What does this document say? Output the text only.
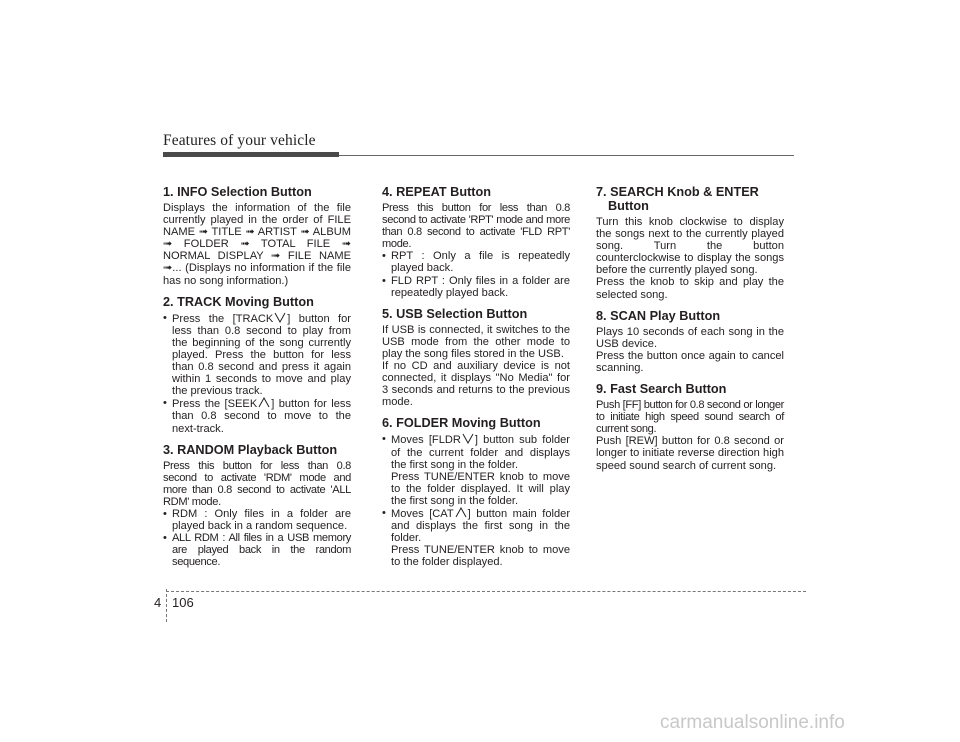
Features of your vehicle
1. INFO Selection Button

Displays the information of the file currently played in the order of FILE NAME ➟ TITLE ➟ ARTIST ➟ ALBUM ➟ FOLDER ➟ TOTAL FILE ➟ NORMAL DISPLAY ➟ FILE NAME ➟... (Displays no information if the file has no song information.)

2. TRACK Moving Button
• Press the [TRACK ] button for less than 0.8 second to play from the beginning of the song currently played. Press the button for less than 0.8 second and press it again within 1 seconds to move and play the previous track.
• Press the [SEEK ] button for less than 0.8 second to move to the next-track.
3. RANDOM Playback Button

Press this button for less than 0.8 second to activate 'RDM' mode and more than 0.8 second to activate 'ALL RDM' mode.

• RDM : Only files in a folder are played back in a random sequence.
• ALL RDM : All files in a USB memory are played back in the random sequence.
4. REPEAT Button

Press this button for less than 0.8 second to activate 'RPT' mode and more than 0.8 second to activate 'FLD RPT' mode.

• RPT : Only a file is repeatedly played back.
• FLD RPT : Only files in a folder are repeatedly played back.
5. USB Selection Button

If USB is connected, it switches to the USB mode from the other mode to play the song files stored in the USB.

If no CD and auxiliary device is not connected, it displays "No Media" for 3 seconds and returns to the previous mode.

6. FOLDER Moving Button
• Moves [FLDR ] button sub folder of the current folder and displays the first song in the folder.

Press TUNE/ENTER knob to move to the folder displayed. It will play the first song in the folder.

• Moves [CAT ] button main folder and displays the first song in the folder.

Press TUNE/ENTER knob to move to the folder displayed.

7. SEARCH Knob & ENTER
Button

Turn this knob clockwise to display the songs next to the currently played song. Turn the button counterclockwise to display the songs before the currently played song.

Press the knob to skip and play the selected song.

8. SCAN Play Button

Plays 10 seconds of each song in the USB device.

Press the button once again to cancel scanning.

9. Fast Search Button

Push [FF] button for 0.8 second or longer to initiate high speed sound search of current song.

Push [REW] button for 0.8 second or longer to initiate reverse direction high speed sound search of current song.

4 106
carmanualsonline.info
